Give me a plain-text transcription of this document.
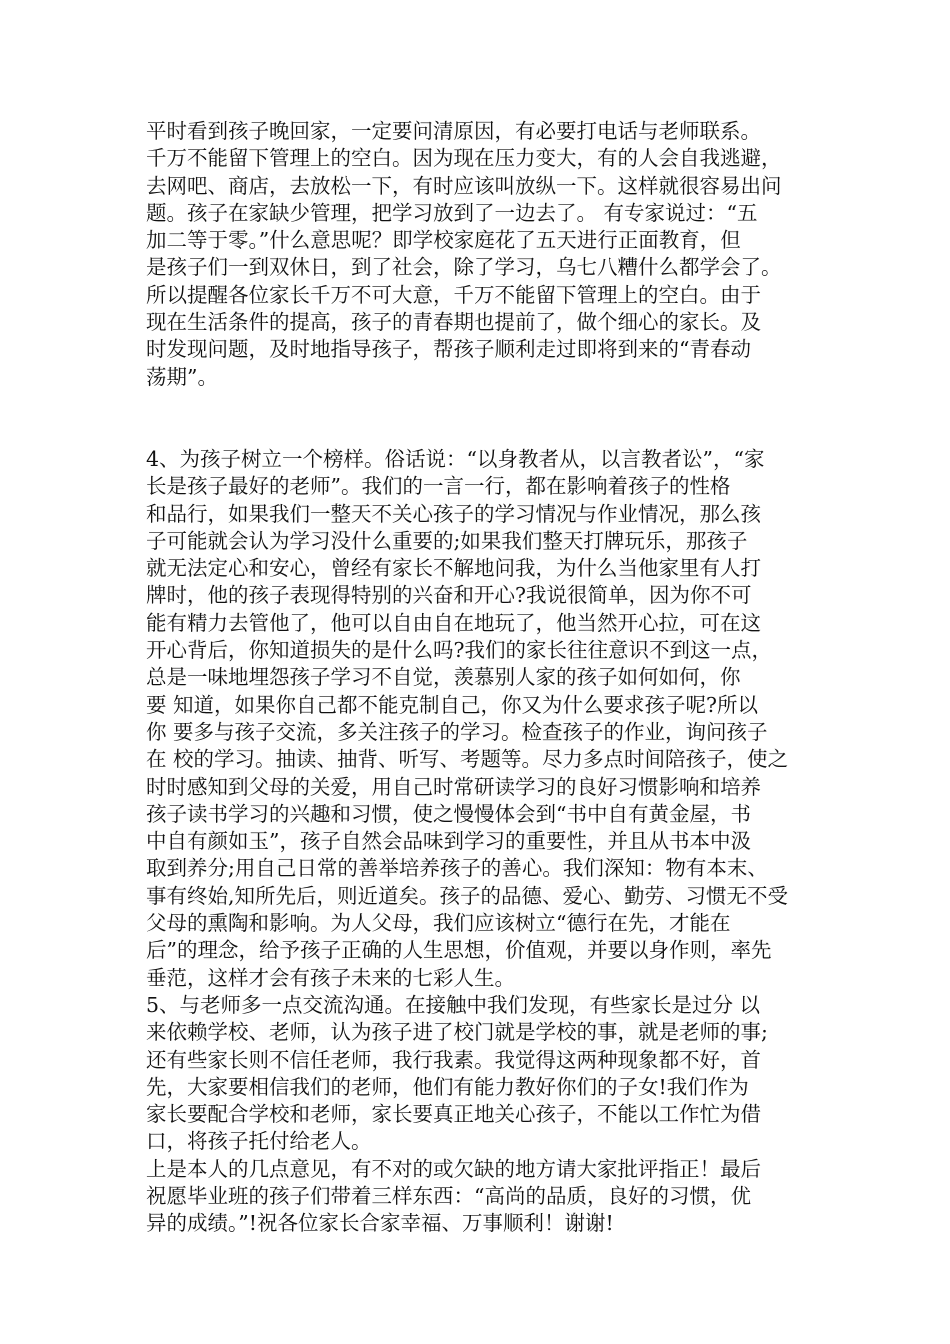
平时看到孩子晚回家，一定要问清原因，有必要打电话与老师联系。
千万不能留下管理上的空白。因为现在压力变大，有的人会自我逃避，
去网吧、商店，去放松一下，有时应该叫放纵一下。这样就很容易出问
题。孩子在家缺少管理，把学习放到了一边去了。 有专家说过：“五
加二等于零。”什么意思呢？即学校家庭花了五天进行正面教育，但
是孩子们一到双休日，到了社会，除了学习，乌七八糟什么都学会了。
所以提醒各位家长千万不可大意，千万不能留下管理上的空白。由于
现在生活条件的提高，孩子的青春期也提前了，做个细心的家长。及
时发现问题，及时地指导孩子，帮孩子顺利走过即将到来的“青春动
荡期”。
4、为孩子树立一个榜样。俗话说：“以身教者从，以言教者讼”，“家
长是孩子最好的老师”。我们的一言一行，都在影响着孩子的性格
和品行，如果我们一整天不关心孩子的学习情况与作业情况，那么孩
子可能就会认为学习没什么重要的;如果我们整天打牌玩乐，那孩子
就无法定心和安心，曾经有家长不解地问我，为什么当他家里有人打
牌时，他的孩子表现得特别的兴奋和开心?我说很简单，因为你不可
能有精力去管他了，他可以自由自在地玩了，他当然开心拉，可在这
开心背后，你知道损失的是什么吗?我们的家长往往意识不到这一点，
总是一味地埋怨孩子学习不自觉，羡慕别人家的孩子如何如何，你
要 知道，如果你自己都不能克制自己，你又为什么要求孩子呢?所以
你 要多与孩子交流，多关注孩子的学习。检查孩子的作业，询问孩子
在 校的学习。抽读、抽背、听写、考题等。尽力多点时间陪孩子，使之
时时感知到父母的关爱，用自己时常研读学习的良好习惯影响和培养
孩子读书学习的兴趣和习惯，使之慢慢体会到“书中自有黄金屋，书
中自有颜如玉”，孩子自然会品味到学习的重要性，并且从书本中汲
取到养分;用自己日常的善举培养孩子的善心。我们深知：物有本末、
事有终始,知所先后，则近道矣。孩子的品德、爱心、勤劳、习惯无不受
父母的熏陶和影响。为人父母，我们应该树立“德行在先，才能在
后”的理念，给予孩子正确的人生思想，价值观，并要以身作则，率先
垂范，这样才会有孩子未来的七彩人生。
5、与老师多一点交流沟通。在接触中我们发现，有些家长是过分 以
来依赖学校、老师，认为孩子进了校门就是学校的事，就是老师的事;
还有些家长则不信任老师，我行我素。我觉得这两种现象都不好，首
先，大家要相信我们的老师，他们有能力教好你们的子女!我们作为
家长要配合学校和老师，家长要真正地关心孩子，不能以工作忙为借
口，将孩子托付给老人。
上是本人的几点意见，有不对的或欠缺的地方请大家批评指正！最后
祝愿毕业班的孩子们带着三样东西：“高尚的品质，良好的习惯，优
异的成绩。”!祝各位家长合家幸福、万事顺利！谢谢!
